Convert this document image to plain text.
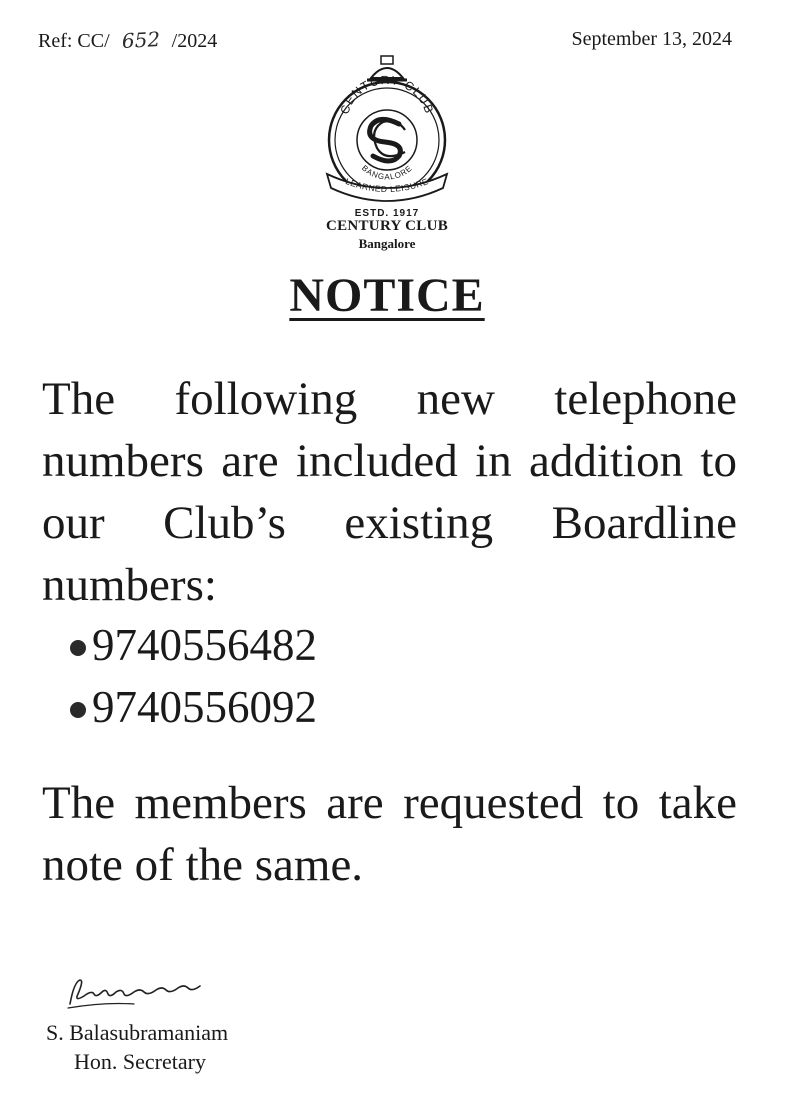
Ref: CC/ 652 /2024	September 13, 2024
CENTURY CLUB
BANGALORE
LEARNED LEISURE
ESTD. 1917
CENTURY CLUB
Bangalore
NOTICE

The following new telephone numbers are included in addition to our Club’s existing Boardline numbers:

9740556482
9740556092

The members are requested to take note of the same.

S. Balasubramaniam
Hon. Secretary
